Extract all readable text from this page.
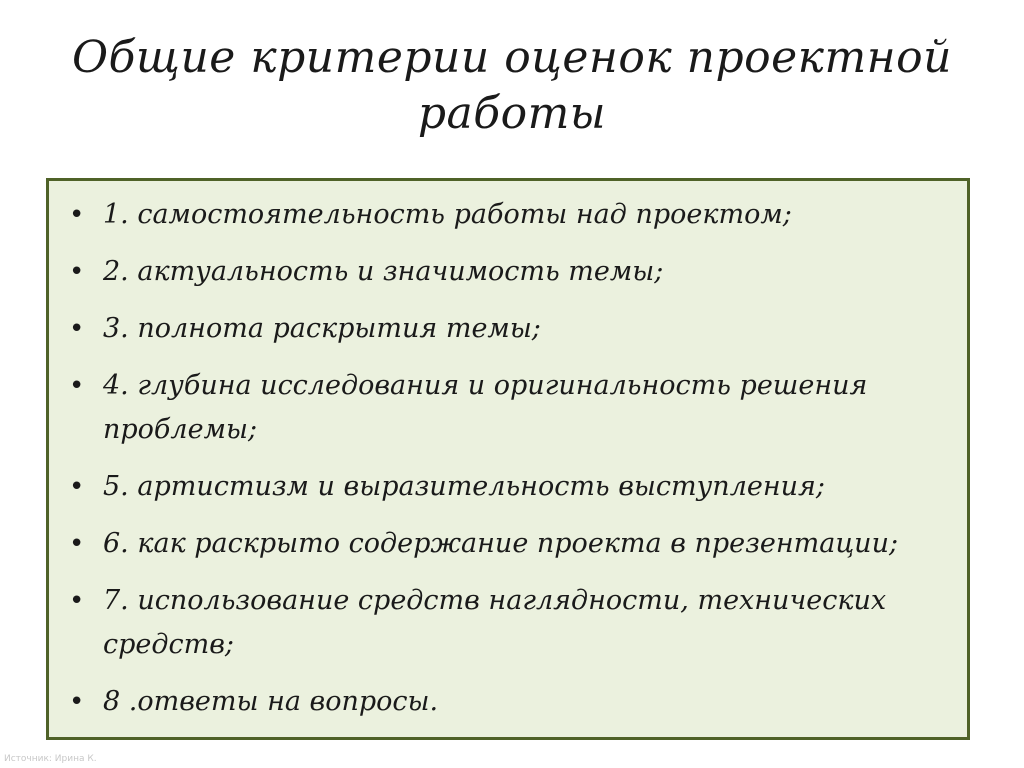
Общие критерии оценок проектной работы
• 1. самостоятельность работы над проектом;
• 2. актуальность и значимость темы;
• 3. полнота раскрытия темы;
• 4. глубина исследования и оригинальность решения проблемы;
• 5. артистизм и выразительность выступления;
• 6. как раскрыто содержание проекта в презентации;
• 7. использование средств наглядности, технических средств;
• 8 .ответы на вопросы.
Источник: Ирина К.
